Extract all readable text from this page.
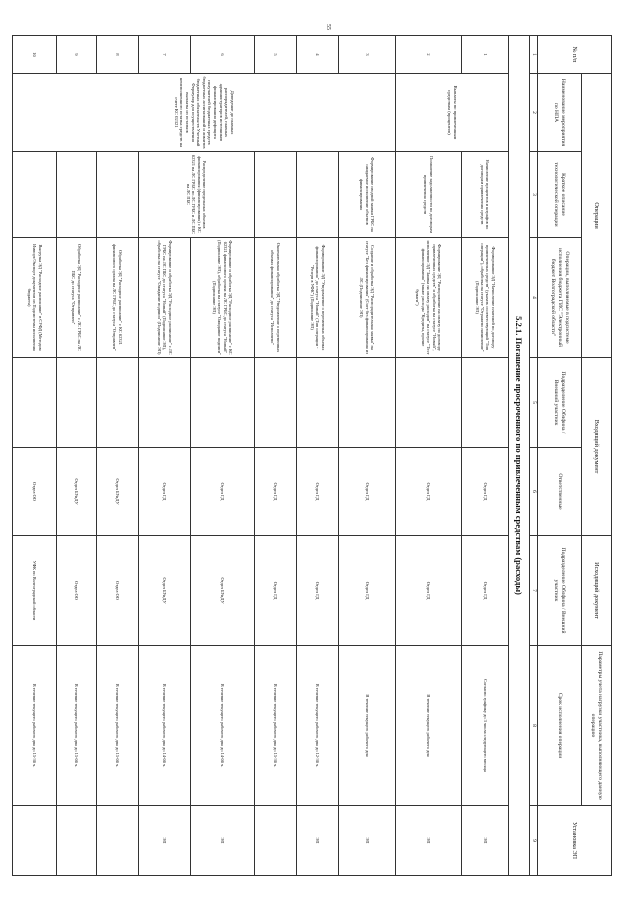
55
№ п/п	Операции			Входящий документ		Исходящий документ	Параметры учета нагрузки участника, выполняющего данную операцию	Установка ЭП
	Наименование мероприятия по НПА	Краткое описание технологической операции	Операции, выполняемые в подсистеме исполнения бюджета ГИС "Электронный бюджет Волгоградской области"	Подразделение Облфина / Внешний участник	Ответственные	Подразделение Облфина / Внешний участник	Срок исполнения операции	
1	2	3	4	5	6	7	8	9
5.2.1. Погашение просроченного по привлеченным средствам (расходы)								
1	Выплаты по привлеченным средствам (процентов)	Начисление процентов и штрафов по договорам привлечения средств	Формирование ЭД "Начисление платежей по договору привлеченных средств" (указать соответствующий "Тип операции"), обработка на статусе "Отражено начисление" (Подписание ЭП)		Отдел ГД	Отдел ГД	Согласно графику до 3 числа следующего месяца	ЭП
2		Погашение задолженности по договорам привлечения средств	Формирование ЭД "Распоряжение на оплату по договору привлеченных средств" и обработка на статусе "Новый", исполнение ЭД "Заявка на оплату расходов" на статусе "Тест финансирования" (также расходы "Кредиты, прочие бумаги")		Отдел ГД	Отдел ГД	В течение текущего рабочего дня	ЭП
3	Доведение до главных распорядителей, главных администраторов источников финансирования дефицита получателей бюджетных средств бюджетных ассигнований и лимитов бюджетных обязательств Учетный Формуляр для осуществления выплаты из остатков неисполненного остатка средств на счете КС 02321	Формирование сводной заявки ГРБС на ожидаемое исполнение объемов финансирования	Создание и обработка ЭД "Распорядительная заявка" на статусе "Без финансирования" (Счет без финансирования из ЛС (Подписание ЭП)		Отдел ГД	Отдел ГД	В течение текущего рабочего дня	ЭП
4			Формирование ЭД "Уведомление о переменных объемах финансирования" до статуса "Новый" (Тип операции - "Резерв в УФК") (Подписание ЭП)		Отдел ГД	Отдел ГД	В течение текущего рабочего дня до 12-30 ч.	ЭП
5			Окончательная обработка ЭД "Уведомление о переменных объемах финансирования" до статуса "Исполнено"		Отдел ГД	Отдел ГД	В течение текущего рабочего дня до 15-30 ч.	
6		Распределение предельных объемов финансирования (финансирования) с КС 02321 на ЛС ГРБС по ЛС ГРБС и ЛС ПБС на ЛС ПБС	Формирование и обработка ЭД "Расходное расписание" с КС 02321 финансового органа на ЛС ГРБС до статуса "Новый" (Подписание ЭП), обработка на статусе "Ожидание подписи" (Подписание ЭП)		Отдел ГД	Отдел БУиДУ	В течение текущего рабочего дня до 14-00 ч.	ЭП
7			Формирование и обработка ЭД "Расходное расписание" с ЛС ГРБС на ЛС ПБС до статуса "Новый" (Подписание ЭП), обработка на статусе "Ожидание подписи" (Подписание ЭП)		Отдел ГД	Отдел БУиДУ	В течение текущего рабочего дня до 14-00 ч.	ЭП
8			Обработка ЭД "Расходное расписание" с КС 02321 финансового органа на ЛС ГРБС до статуса "Отправлен"		Отдел БУиДУ	Отдел ОО	В течение текущего рабочего дня до 15-00 ч.	
9			Обработка ЭД "Расходное расписание" с ЛС ГРБС на ЛС ПБС до статуса "Отправлен"		Отдел БУиДУ	Отдел ОО	В течение текущего рабочего дня до 15-00 ч.	
10			Выгрузка ЭД "Расходное расписание" в СУФД (Методом Импорт/Экспорт документов из Подсистемы исполнения бюджета)		Отдел ОО	УФК по Волгоградской области	В течение текущего рабочего дня до 15-30 ч.	
